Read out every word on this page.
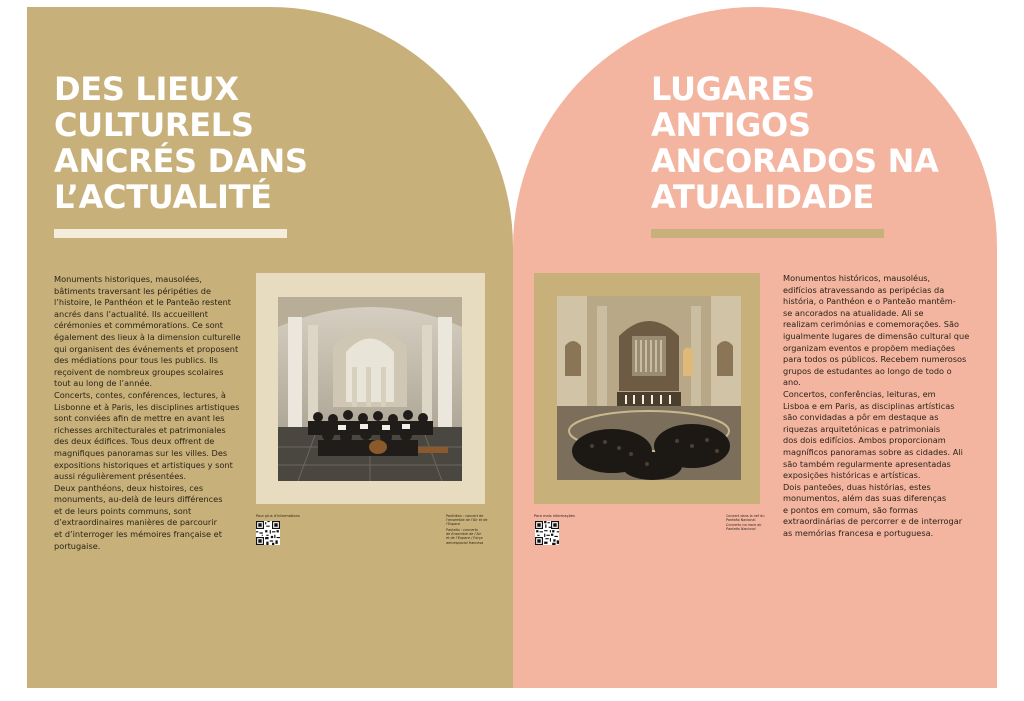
DES LIEUX
CULTURELS
ANCRÉS DANS
L’ACTUALITÉ

Monuments historiques, mausolées,
bâtiments traversant les péripéties de
l’histoire, le Panthéon et le Panteão restent
ancrés dans l’actualité. Ils accueillent
cérémonies et commémorations. Ce sont
également des lieux à la dimension culturelle
qui organisent des événements et proposent
des médiations pour tous les publics. Ils
reçoivent de nombreux groupes scolaires
tout au long de l’année.
Concerts, contes, conférences, lectures, à
Lisbonne et à Paris, les disciplines artistiques
sont conviées afin de mettre en avant les
richesses architecturales et patrimoniales
des deux édifices. Tous deux offrent de
magnifiques panoramas sur les villes. Des
expositions historiques et artistiques y sont
aussi régulièrement présentées.
Deux panthéons, deux histoires, ces
monuments, au-delà de leurs différences
et de leurs points communs, sont
d’extraordinaires manières de parcourir
et d’interroger les mémoires française et
portugaise.

Pour plus d’informations	Panthéon : concert de
l’ensemble de l’Air et de
l’Espace
Panteão : concerto
de Ensemble de l’Air
et de l’Espace / Força
aeroespacial francesa
LUGARES
ANTIGOS
ANCORADOS NA
ATUALIDADE
Para mais informações	Concert dans la nef du
Panteão Nacional
Concerto na nave do
Panteão Nacional

Monumentos históricos, mausoléus,
edifícios atravessando as peripécias da
história, o Panthéon e o Panteão mantêm-
se ancorados na atualidade. Ali se
realizam cerimónias e comemorações. São
igualmente lugares de dimensão cultural que
organizam eventos e propõem mediações
para todos os públicos. Recebem numerosos
grupos de estudantes ao longo de todo o
ano.
Concertos, conferências, leituras, em
Lisboa e em Paris, as disciplinas artísticas
são convidadas a pôr em destaque as
riquezas arquitetónicas e patrimoniais
dos dois edifícios. Ambos proporcionam
magníficos panoramas sobre as cidades. Ali
são também regularmente apresentadas
exposições históricas e artísticas.
Dois panteões, duas histórias, estes
monumentos, além das suas diferenças
e pontos em comum, são formas
extraordinárias de percorrer e de interrogar
as memórias francesa e portuguesa.
